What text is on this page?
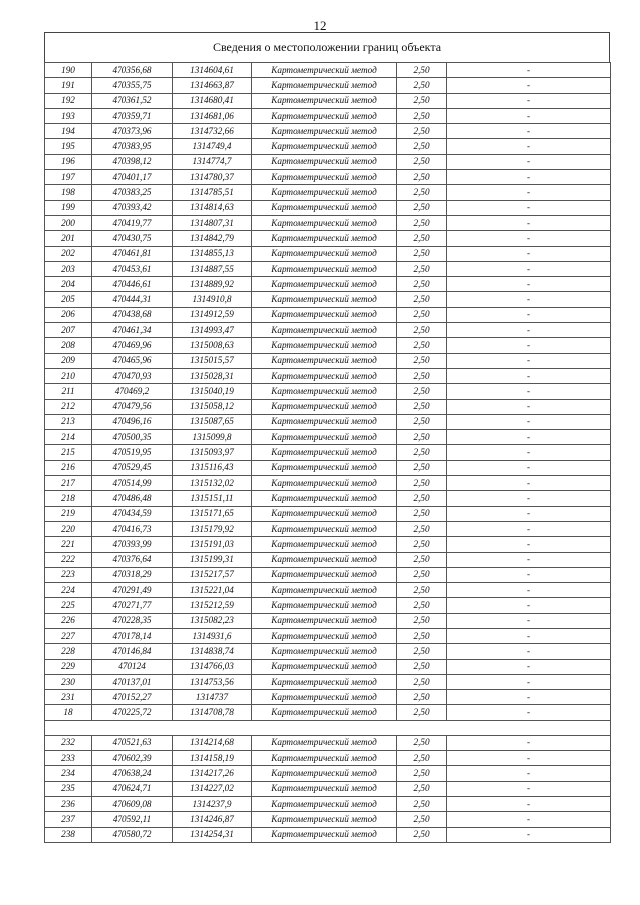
12
Сведения о местоположении границ объекта
190	470356,68	1314604,61	Картометрический метод	2,50	-
191	470355,75	1314663,87	Картометрический метод	2,50	-
192	470361,52	1314680,41	Картометрический метод	2,50	-
193	470359,71	1314681,06	Картометрический метод	2,50	-
194	470373,96	1314732,66	Картометрический метод	2,50	-
195	470383,95	1314749,4	Картометрический метод	2,50	-
196	470398,12	1314774,7	Картометрический метод	2,50	-
197	470401,17	1314780,37	Картометрический метод	2,50	-
198	470383,25	1314785,51	Картометрический метод	2,50	-
199	470393,42	1314814,63	Картометрический метод	2,50	-
200	470419,77	1314807,31	Картометрический метод	2,50	-
201	470430,75	1314842,79	Картометрический метод	2,50	-
202	470461,81	1314855,13	Картометрический метод	2,50	-
203	470453,61	1314887,55	Картометрический метод	2,50	-
204	470446,61	1314889,92	Картометрический метод	2,50	-
205	470444,31	1314910,8	Картометрический метод	2,50	-
206	470438,68	1314912,59	Картометрический метод	2,50	-
207	470461,34	1314993,47	Картометрический метод	2,50	-
208	470469,96	1315008,63	Картометрический метод	2,50	-
209	470465,96	1315015,57	Картометрический метод	2,50	-
210	470470,93	1315028,31	Картометрический метод	2,50	-
211	470469,2	1315040,19	Картометрический метод	2,50	-
212	470479,56	1315058,12	Картометрический метод	2,50	-
213	470496,16	1315087,65	Картометрический метод	2,50	-
214	470500,35	1315099,8	Картометрический метод	2,50	-
215	470519,95	1315093,97	Картометрический метод	2,50	-
216	470529,45	1315116,43	Картометрический метод	2,50	-
217	470514,99	1315132,02	Картометрический метод	2,50	-
218	470486,48	1315151,11	Картометрический метод	2,50	-
219	470434,59	1315171,65	Картометрический метод	2,50	-
220	470416,73	1315179,92	Картометрический метод	2,50	-
221	470393,99	1315191,03	Картометрический метод	2,50	-
222	470376,64	1315199,31	Картометрический метод	2,50	-
223	470318,29	1315217,57	Картометрический метод	2,50	-
224	470291,49	1315221,04	Картометрический метод	2,50	-
225	470271,77	1315212,59	Картометрический метод	2,50	-
226	470228,35	1315082,23	Картометрический метод	2,50	-
227	470178,14	1314931,6	Картометрический метод	2,50	-
228	470146,84	1314838,74	Картометрический метод	2,50	-
229	470124	1314766,03	Картометрический метод	2,50	-
230	470137,01	1314753,56	Картометрический метод	2,50	-
231	470152,27	1314737	Картометрический метод	2,50	-
18	470225,72	1314708,78	Картометрический метод	2,50	-

232	470521,63	1314214,68	Картометрический метод	2,50	-
233	470602,39	1314158,19	Картометрический метод	2,50	-
234	470638,24	1314217,26	Картометрический метод	2,50	-
235	470624,71	1314227,02	Картометрический метод	2,50	-
236	470609,08	1314237,9	Картометрический метод	2,50	-
237	470592,11	1314246,87	Картометрический метод	2,50	-
238	470580,72	1314254,31	Картометрический метод	2,50	-
